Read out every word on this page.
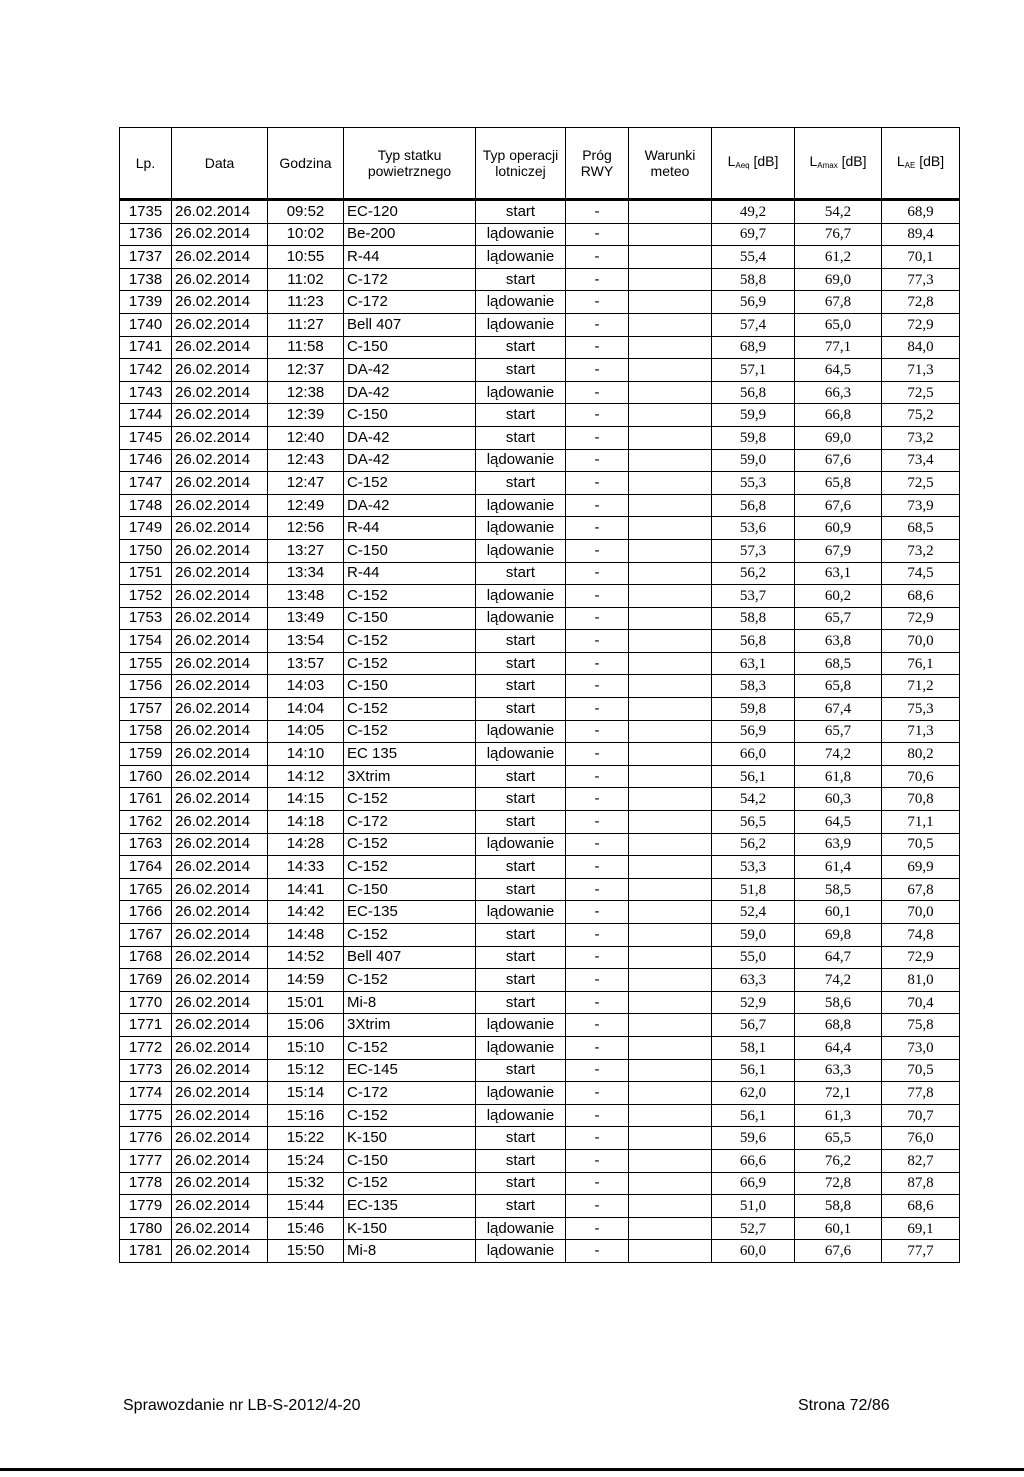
Lp.	Data	Godzina	Typ statku powietrznego	Typ operacji lotniczej	Próg RWY	Warunki meteo	$L_{Aeq}$ [dB]	$L_{Amax}$ [dB]	$L_{AE}$ [dB]
1735	26.02.2014	09:52	EC-120	start	-		49,2	54,2	68,9
1736	26.02.2014	10:02	Be-200	lądowanie	-		69,7	76,7	89,4
1737	26.02.2014	10:55	R-44	lądowanie	-		55,4	61,2	70,1
1738	26.02.2014	11:02	C-172	start	-		58,8	69,0	77,3
1739	26.02.2014	11:23	C-172	lądowanie	-		56,9	67,8	72,8
1740	26.02.2014	11:27	Bell 407	lądowanie	-		57,4	65,0	72,9
1741	26.02.2014	11:58	C-150	start	-		68,9	77,1	84,0
1742	26.02.2014	12:37	DA-42	start	-		57,1	64,5	71,3
1743	26.02.2014	12:38	DA-42	lądowanie	-		56,8	66,3	72,5
1744	26.02.2014	12:39	C-150	start	-		59,9	66,8	75,2
1745	26.02.2014	12:40	DA-42	start	-		59,8	69,0	73,2
1746	26.02.2014	12:43	DA-42	lądowanie	-		59,0	67,6	73,4
1747	26.02.2014	12:47	C-152	start	-		55,3	65,8	72,5
1748	26.02.2014	12:49	DA-42	lądowanie	-		56,8	67,6	73,9
1749	26.02.2014	12:56	R-44	lądowanie	-		53,6	60,9	68,5
1750	26.02.2014	13:27	C-150	lądowanie	-		57,3	67,9	73,2
1751	26.02.2014	13:34	R-44	start	-		56,2	63,1	74,5
1752	26.02.2014	13:48	C-152	lądowanie	-		53,7	60,2	68,6
1753	26.02.2014	13:49	C-150	lądowanie	-		58,8	65,7	72,9
1754	26.02.2014	13:54	C-152	start	-		56,8	63,8	70,0
1755	26.02.2014	13:57	C-152	start	-		63,1	68,5	76,1
1756	26.02.2014	14:03	C-150	start	-		58,3	65,8	71,2
1757	26.02.2014	14:04	C-152	start	-		59,8	67,4	75,3
1758	26.02.2014	14:05	C-152	lądowanie	-		56,9	65,7	71,3
1759	26.02.2014	14:10	EC 135	lądowanie	-		66,0	74,2	80,2
1760	26.02.2014	14:12	3Xtrim	start	-		56,1	61,8	70,6
1761	26.02.2014	14:15	C-152	start	-		54,2	60,3	70,8
1762	26.02.2014	14:18	C-172	start	-		56,5	64,5	71,1
1763	26.02.2014	14:28	C-152	lądowanie	-		56,2	63,9	70,5
1764	26.02.2014	14:33	C-152	start	-		53,3	61,4	69,9
1765	26.02.2014	14:41	C-150	start	-		51,8	58,5	67,8
1766	26.02.2014	14:42	EC-135	lądowanie	-		52,4	60,1	70,0
1767	26.02.2014	14:48	C-152	start	-		59,0	69,8	74,8
1768	26.02.2014	14:52	Bell 407	start	-		55,0	64,7	72,9
1769	26.02.2014	14:59	C-152	start	-		63,3	74,2	81,0
1770	26.02.2014	15:01	Mi-8	start	-		52,9	58,6	70,4
1771	26.02.2014	15:06	3Xtrim	lądowanie	-		56,7	68,8	75,8
1772	26.02.2014	15:10	C-152	lądowanie	-		58,1	64,4	73,0
1773	26.02.2014	15:12	EC-145	start	-		56,1	63,3	70,5
1774	26.02.2014	15:14	C-172	lądowanie	-		62,0	72,1	77,8
1775	26.02.2014	15:16	C-152	lądowanie	-		56,1	61,3	70,7
1776	26.02.2014	15:22	K-150	start	-		59,6	65,5	76,0
1777	26.02.2014	15:24	C-150	start	-		66,6	76,2	82,7
1778	26.02.2014	15:32	C-152	start	-		66,9	72,8	87,8
1779	26.02.2014	15:44	EC-135	start	-		51,0	58,8	68,6
1780	26.02.2014	15:46	K-150	lądowanie	-		52,7	60,1	69,1
1781	26.02.2014	15:50	Mi-8	lądowanie	-		60,0	67,6	77,7
Sprawozdanie nr LB-S-2012/4-20	Strona 72/86
